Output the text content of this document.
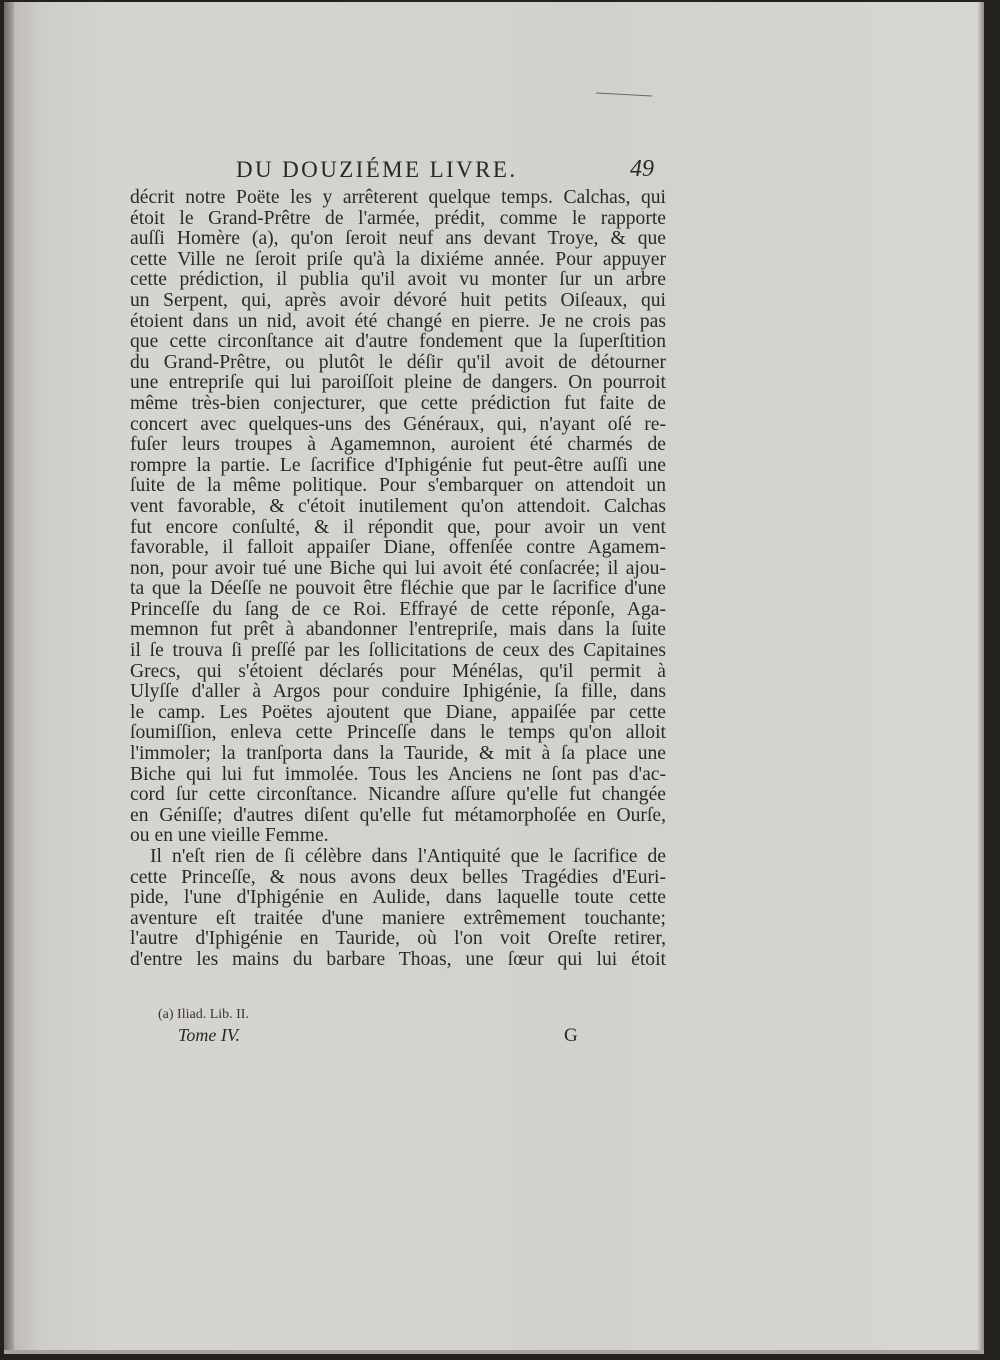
DU DOUZIÉME LIVRE.	49
décrit notre Poëte les y arrêterent quelque temps. Calchas, qui
étoit le Grand-Prêtre de l'armée, prédit, comme le rapporte
auſſi Homère (a), qu'on ſeroit neuf ans devant Troye, & que
cette Ville ne ſeroit priſe qu'à la dixiéme année. Pour appuyer
cette prédiction, il publia qu'il avoit vu monter ſur un arbre
un Serpent, qui, après avoir dévoré huit petits Oiſeaux, qui
étoient dans un nid, avoit été changé en pierre. Je ne crois pas
que cette circonſtance ait d'autre fondement que la ſuperſtition
du Grand-Prêtre, ou plutôt le déſir qu'il avoit de détourner
une entrepriſe qui lui paroiſſoit pleine de dangers. On pourroit
même très-bien conjecturer, que cette prédiction fut faite de
concert avec quelques-uns des Généraux, qui, n'ayant oſé re-
fuſer leurs troupes à Agamemnon, auroient été charmés de
rompre la partie. Le ſacrifice d'Iphigénie fut peut-être auſſi une
ſuite de la même politique. Pour s'embarquer on attendoit un
vent favorable, & c'étoit inutilement qu'on attendoit. Calchas
fut encore conſulté, & il répondit que, pour avoir un vent
favorable, il falloit appaiſer Diane, offenſée contre Agamem-
non, pour avoir tué une Biche qui lui avoit été conſacrée; il ajou-
ta que la Déeſſe ne pouvoit être fléchie que par le ſacrifice d'une
Princeſſe du ſang de ce Roi. Effrayé de cette réponſe, Aga-
memnon fut prêt à abandonner l'entrepriſe, mais dans la ſuite
il ſe trouva ſi preſſé par les ſollicitations de ceux des Capitaines
Grecs, qui s'étoient déclarés pour Ménélas, qu'il permit à
Ulyſſe d'aller à Argos pour conduire Iphigénie, ſa fille, dans
le camp. Les Poëtes ajoutent que Diane, appaiſée par cette
ſoumiſſion, enleva cette Princeſſe dans le temps qu'on alloit
l'immoler; la tranſporta dans la Tauride, & mit à ſa place une
Biche qui lui fut immolée. Tous les Anciens ne ſont pas d'ac-
cord ſur cette circonſtance. Nicandre aſſure qu'elle fut changée
en Géniſſe; d'autres diſent qu'elle fut métamorphoſée en Ourſe,
ou en une vieille Femme.
Il n'eſt rien de ſi célèbre dans l'Antiquité que le ſacrifice de
cette Princeſſe, & nous avons deux belles Tragédies d'Euri-
pide, l'une d'Iphigénie en Aulide, dans laquelle toute cette
aventure eſt traitée d'une maniere extrêmement touchante;
l'autre d'Iphigénie en Tauride, où l'on voit Oreſte retirer,
d'entre les mains du barbare Thoas, une ſœur qui lui étoit
(a) Iliad. Lib. II.
Tome IV.	G
